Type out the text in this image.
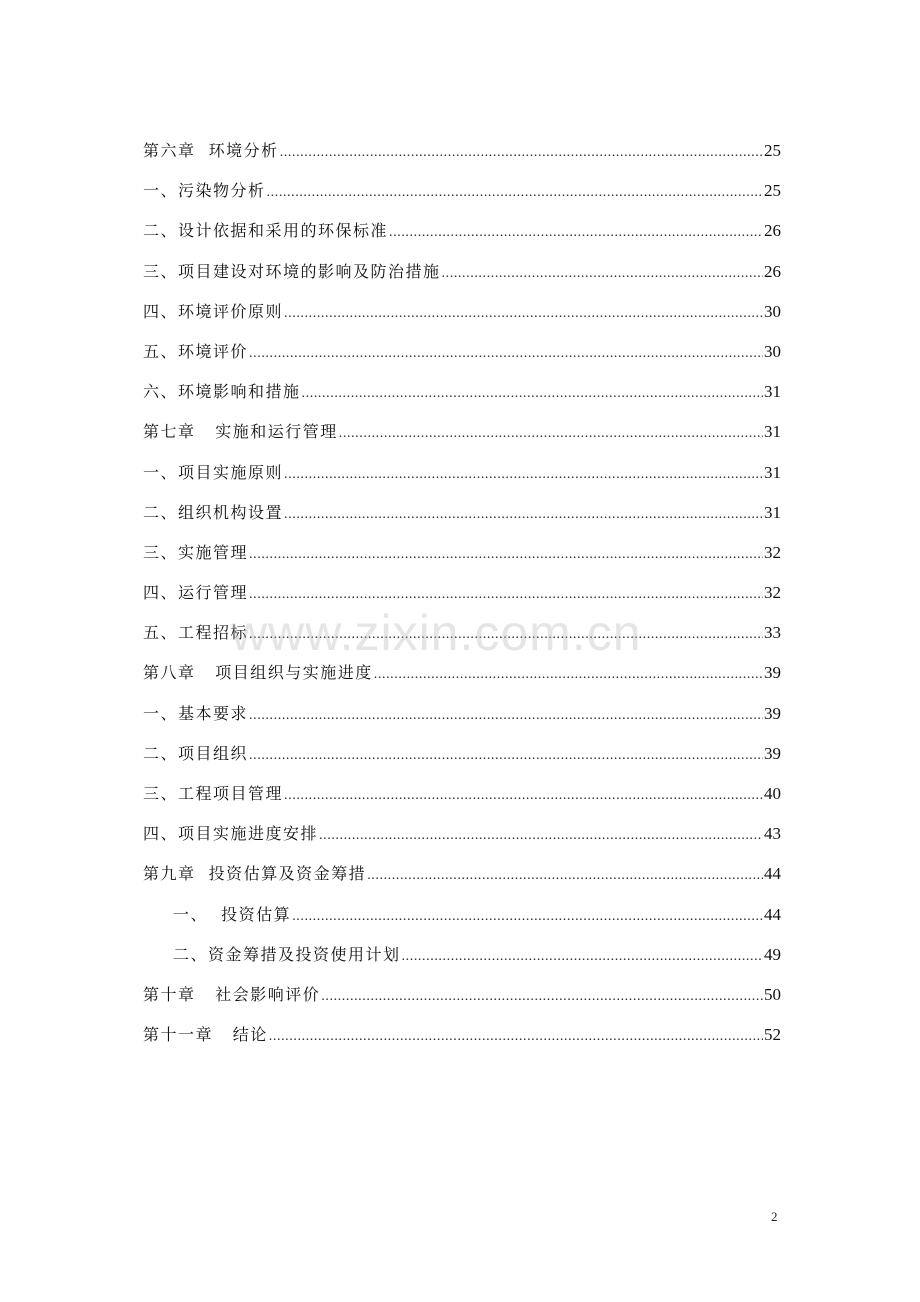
第六章  环境分析 .....	25
一、污染物分析 .....	25
二、设计依据和采用的环保标准 .....	26
三、项目建设对环境的影响及防治措施 .....	26
四、环境评价原则 .....	30
五、环境评价 .....	30
六、环境影响和措施 .....	31
第七章   实施和运行管理 .....	31
一、项目实施原则 .....	31
二、组织机构设置 .....	31
三、实施管理 .....	32
四、运行管理 .....	32
五、工程招标 .....	33
第八章   项目组织与实施进度 .....	39
一、基本要求 .....	39
二、项目组织 .....	39
三、工程项目管理 .....	40
四、项目实施进度安排 .....	43
第九章  投资估算及资金筹措 .....	44
一、  投资估算 .....	44
二、资金筹措及投资使用计划 .....	49
第十章   社会影响评价 .....	50
第十一章   结论 .....	52
www.zixin.com.cn
2
